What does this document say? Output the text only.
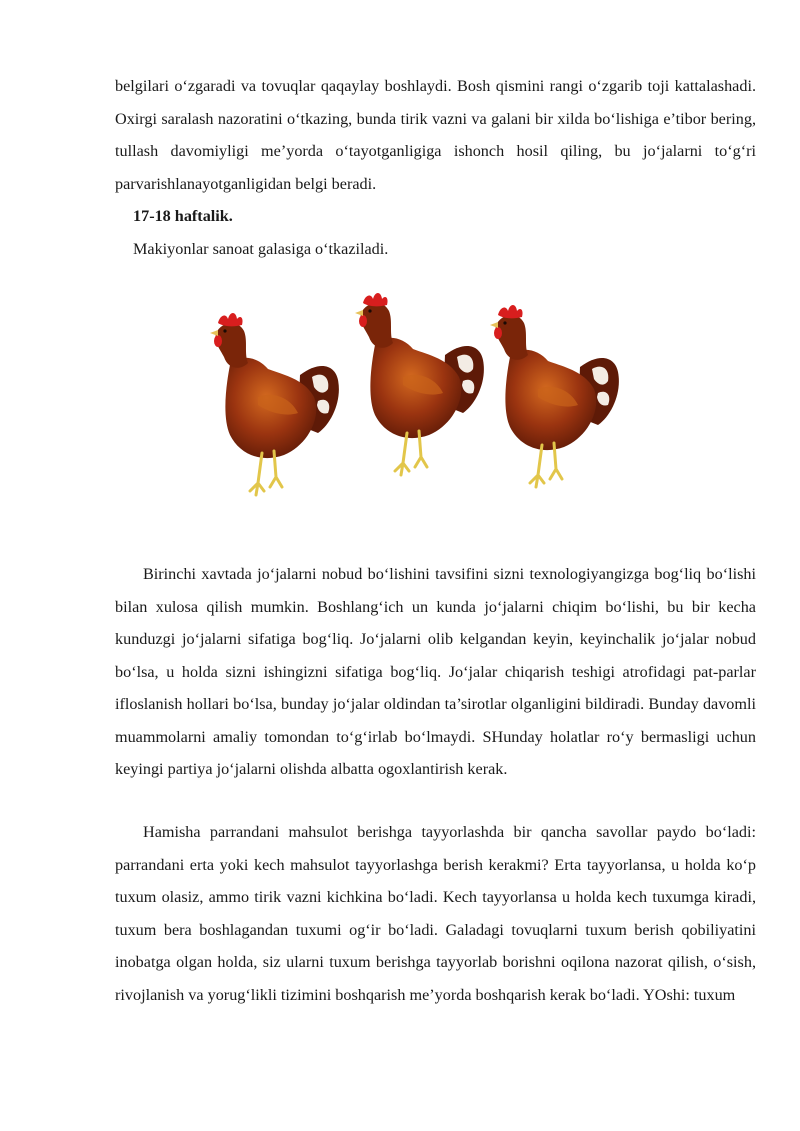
belgilari o‘zgaradi va tovuqlar qaqaylay boshlaydi. Bosh qismini rangi o‘zgarib toji kattalashadi. Oxirgi saralash nazoratini o‘tkazing, bunda tirik vazni va galani bir xilda bo‘lishiga e’tibor bering, tullash davomiyligi me’yorda o‘tayotganligiga ishonch hosil qiling, bu jo‘jalarni to‘g‘ri parvarishlanayotganligidan belgi beradi.

17-18 haftalik.

Makiyonlar sanoat galasiga o‘tkaziladi.

Birinchi xavtada jo‘jalarni nobud bo‘lishini tavsifini sizni texnologiyangizga bog‘liq bo‘lishi bilan xulosa qilish mumkin. Boshlang‘ich un kunda jo‘jalarni chiqim bo‘lishi, bu bir kecha kunduzgi jo‘jalarni sifatiga bog‘liq. Jo‘jalarni olib kelgandan keyin, keyinchalik jo‘jalar nobud bo‘lsa, u holda sizni ishingizni sifatiga bog‘liq. Jo‘jalar chiqarish teshigi atrofidagi pat-parlar ifloslanish hollari bo‘lsa, bunday jo‘jalar oldindan ta’sirotlar olganligini bildiradi. Bunday davomli muammolarni amaliy tomondan to‘g‘irlab bo‘lmaydi. SHunday holatlar ro‘y bermasligi uchun keyingi partiya jo‘jalarni olishda albatta ogoxlantirish kerak.

Hamisha parrandani mahsulot berishga tayyorlashda bir qancha savollar paydo bo‘ladi: parrandani erta yoki kech mahsulot tayyorlashga berish kerakmi? Erta tayyorlansa, u holda ko‘p tuxum olasiz, ammo tirik vazni kichkina bo‘ladi. Kech tayyorlansa u holda kech tuxumga kiradi, tuxum bera boshlagandan tuxumi og‘ir bo‘ladi. Galadagi tovuqlarni tuxum berish qobiliyatini inobatga olgan holda, siz ularni tuxum berishga tayyorlab borishni oqilona nazorat qilish, o‘sish, rivojlanish va yorug‘likli tizimini boshqarish me’yorda boshqarish kerak bo‘ladi. YOshi: tuxum
